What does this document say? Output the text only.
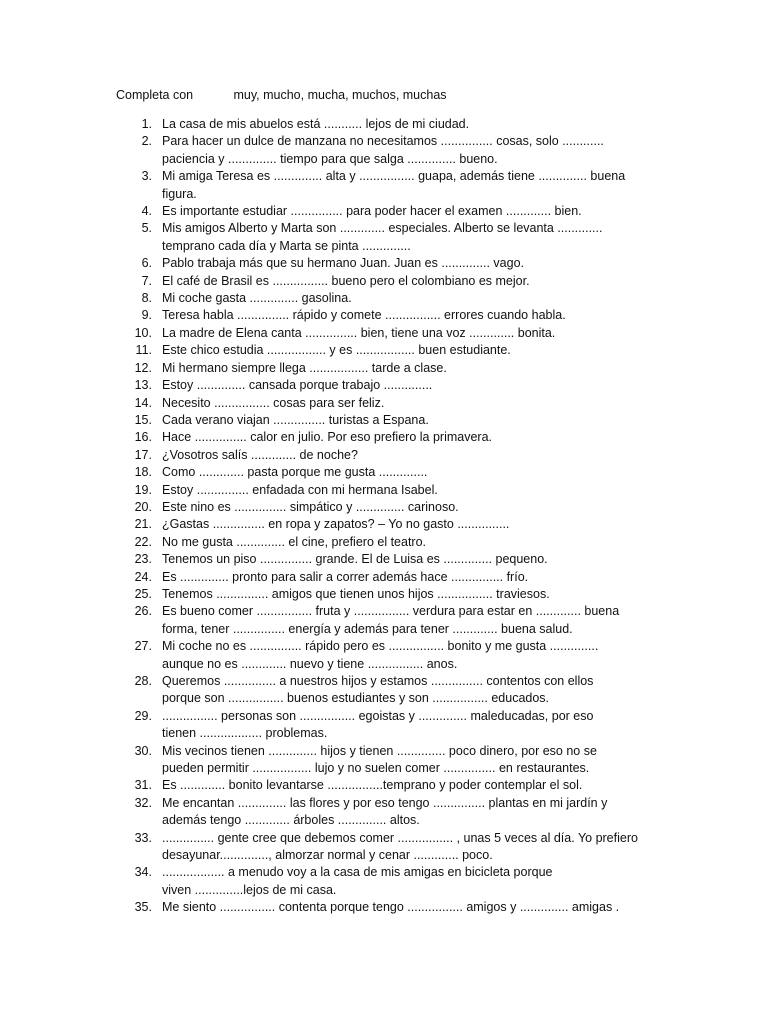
Completa con	muy, mucho, mucha, muchos, muchas
1. La casa de mis abuelos está ........... lejos de mi ciudad.
2. Para hacer un dulce de manzana no necesitamos ............... cosas, solo ............
paciencia y .............. tiempo para que salga .............. bueno.
3. Mi amiga Teresa es .............. alta y ................ guapa, además tiene .............. buena
figura.
4. Es importante estudiar ............... para poder hacer el examen ............. bien.
5. Mis amigos Alberto y Marta son ............. especiales. Alberto se levanta .............
temprano cada día y Marta se pinta ..............
6. Pablo trabaja más que su hermano Juan. Juan es .............. vago.
7. El café de Brasil es ................ bueno pero el colombiano es mejor.
8. Mi coche gasta .............. gasolina.
9. Teresa habla ............... rápido y comete ................ errores cuando habla.
10. La madre de Elena canta ............... bien, tiene una voz ............. bonita.
11. Este chico estudia ................. y es ................. buen estudiante.
12. Mi hermano siempre llega ................. tarde a clase.
13. Estoy .............. cansada porque trabajo ..............
14. Necesito ................ cosas para ser feliz.
15. Cada verano viajan ............... turistas a Espana.
16. Hace ............... calor en julio. Por eso prefiero la primavera.
17. ¿Vosotros salís ............. de noche?
18. Como ............. pasta porque me gusta ..............
19. Estoy ............... enfadada con mi hermana Isabel.
20. Este nino es ............... simpático y .............. carinoso.
21. ¿Gastas ............... en ropa y zapatos? – Yo no gasto ...............
22. No me gusta .............. el cine, prefiero el teatro.
23. Tenemos un piso ............... grande. El de Luisa es .............. pequeno.
24. Es .............. pronto para salir a correr además hace ............... frío.
25. Tenemos ............... amigos que tienen unos hijos ................ traviesos.
26. Es bueno comer ................ fruta y ................ verdura para estar en ............. buena
forma, tener ............... energía y además para tener ............. buena salud.
27. Mi coche no es ............... rápido pero es ................ bonito y me gusta ..............
aunque no es ............. nuevo y tiene ................ anos.
28. Queremos ............... a nuestros hijos y estamos ............... contentos con ellos
porque son ................ buenos estudiantes y son ................ educados.
29. ................ personas son ................ egoistas y .............. maleducadas, por eso
tienen .................. problemas.
30. Mis vecinos tienen .............. hijos y tienen .............. poco dinero, por eso no se
pueden permitir ................. lujo y no suelen comer ............... en restaurantes.
31. Es ............. bonito levantarse ................temprano y poder contemplar el sol.
32. Me encantan .............. las flores y por eso tengo ............... plantas en mi jardín y
además tengo ............. árboles .............. altos.
33. ............... gente cree que debemos comer ................ , unas 5 veces al día. Yo prefiero
desayunar.............., almorzar normal y cenar ............. poco.
34. .................. a menudo voy a la casa de mis amigas en bicicleta porque
viven ..............lejos de mi casa.
35. Me siento ................ contenta porque tengo ................ amigos y .............. amigas .
